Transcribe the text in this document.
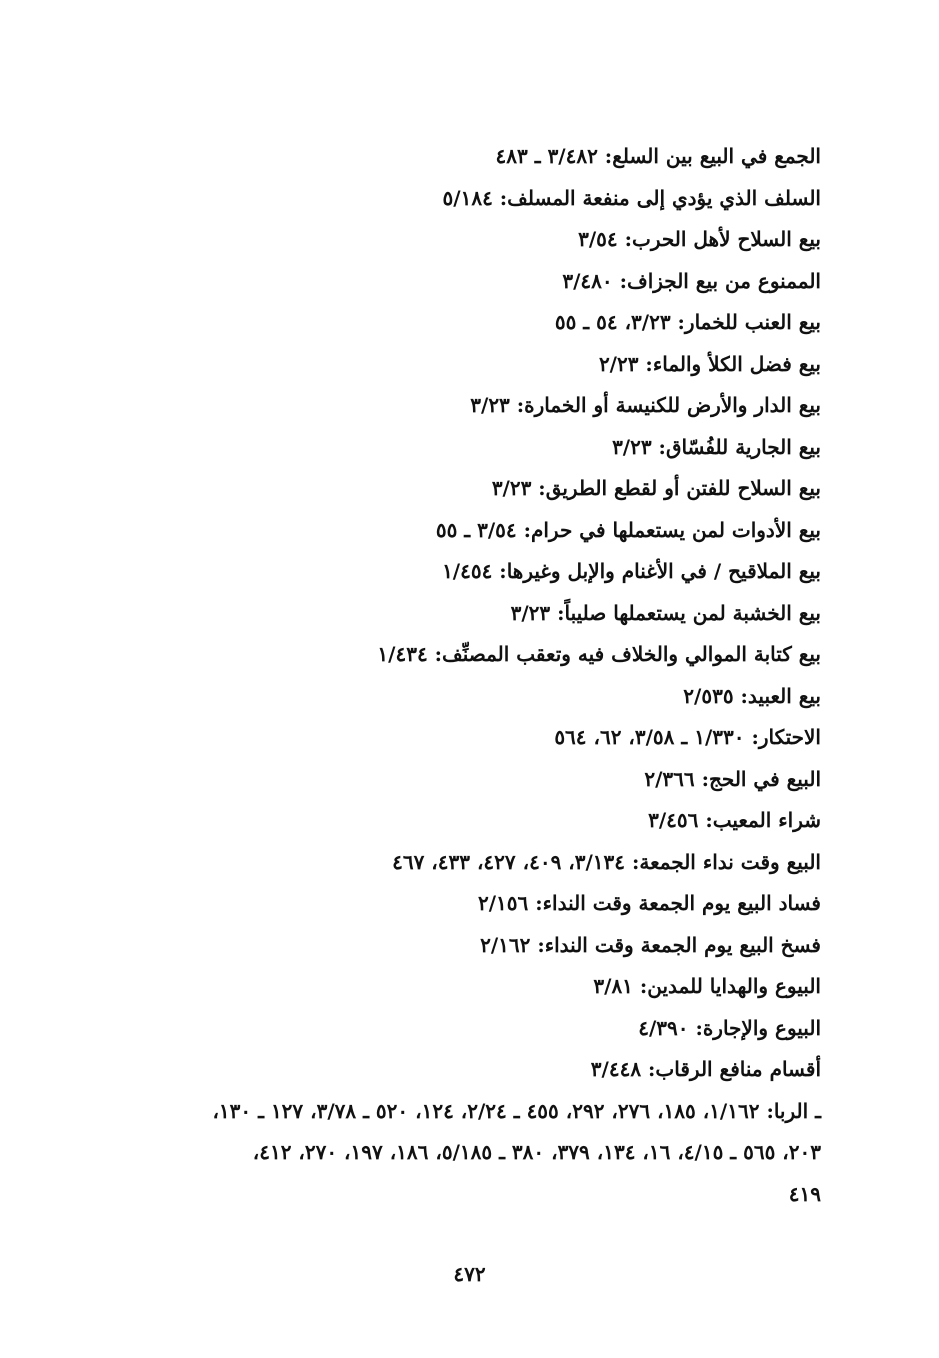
الجمع في البيع بين السلع: ٣/٤٨٢ ـ ٤٨٣
السلف الذي يؤدي إلى منفعة المسلف: ٥/١٨٤
بيع السلاح لأهل الحرب: ٣/٥٤
الممنوع من بيع الجزاف: ٣/٤٨٠
بيع العنب للخمار: ٣/٢٣، ٥٤ ـ ٥٥
بيع فضل الكلأ والماء: ٢/٢٣
بيع الدار والأرض للكنيسة أو الخمارة: ٣/٢٣
بيع الجارية للفُسّاق: ٣/٢٣
بيع السلاح للفتن أو لقطع الطريق: ٣/٢٣
بيع الأدوات لمن يستعملها في حرام: ٣/٥٤ ـ ٥٥
بيع الملاقيح / في الأغنام والإبل وغيرها: ١/٤٥٤
بيع الخشبة لمن يستعملها صليباً: ٣/٢٣
بيع كتابة الموالي والخلاف فيه وتعقب المصنِّف: ١/٤٣٤
بيع العبيد: ٢/٥٣٥
الاحتكار: ١/٣٣٠ ـ ٣/٥٨، ٦٢، ٥٦٤
البيع في الحج: ٢/٣٦٦
شراء المعيب: ٣/٤٥٦
البيع وقت نداء الجمعة: ٣/١٣٤، ٤٠٩، ٤٢٧، ٤٣٣، ٤٦٧
فساد البيع يوم الجمعة وقت النداء: ٢/١٥٦
فسخ البيع يوم الجمعة وقت النداء: ٢/١٦٢
البيوع والهدايا للمدين: ٣/٨١
البيوع والإجارة: ٤/٣٩٠
أقسام منافع الرقاب: ٣/٤٤٨
ـ الربا: ١/١٦٢، ١٨٥، ٢٧٦، ٢٩٢، ٤٥٥ ـ ٢/٢٤، ١٢٤، ٥٢٠ ـ ٣/٧٨، ١٢٧ ـ ١٣٠،
٢٠٣، ٥٦٥ ـ ٤/١٥، ١٦، ١٣٤، ٣٧٩، ٣٨٠ ـ ٥/١٨٥، ١٨٦، ١٩٧، ٢٧٠، ٤١٢،
٤١٩
٤٧٢
